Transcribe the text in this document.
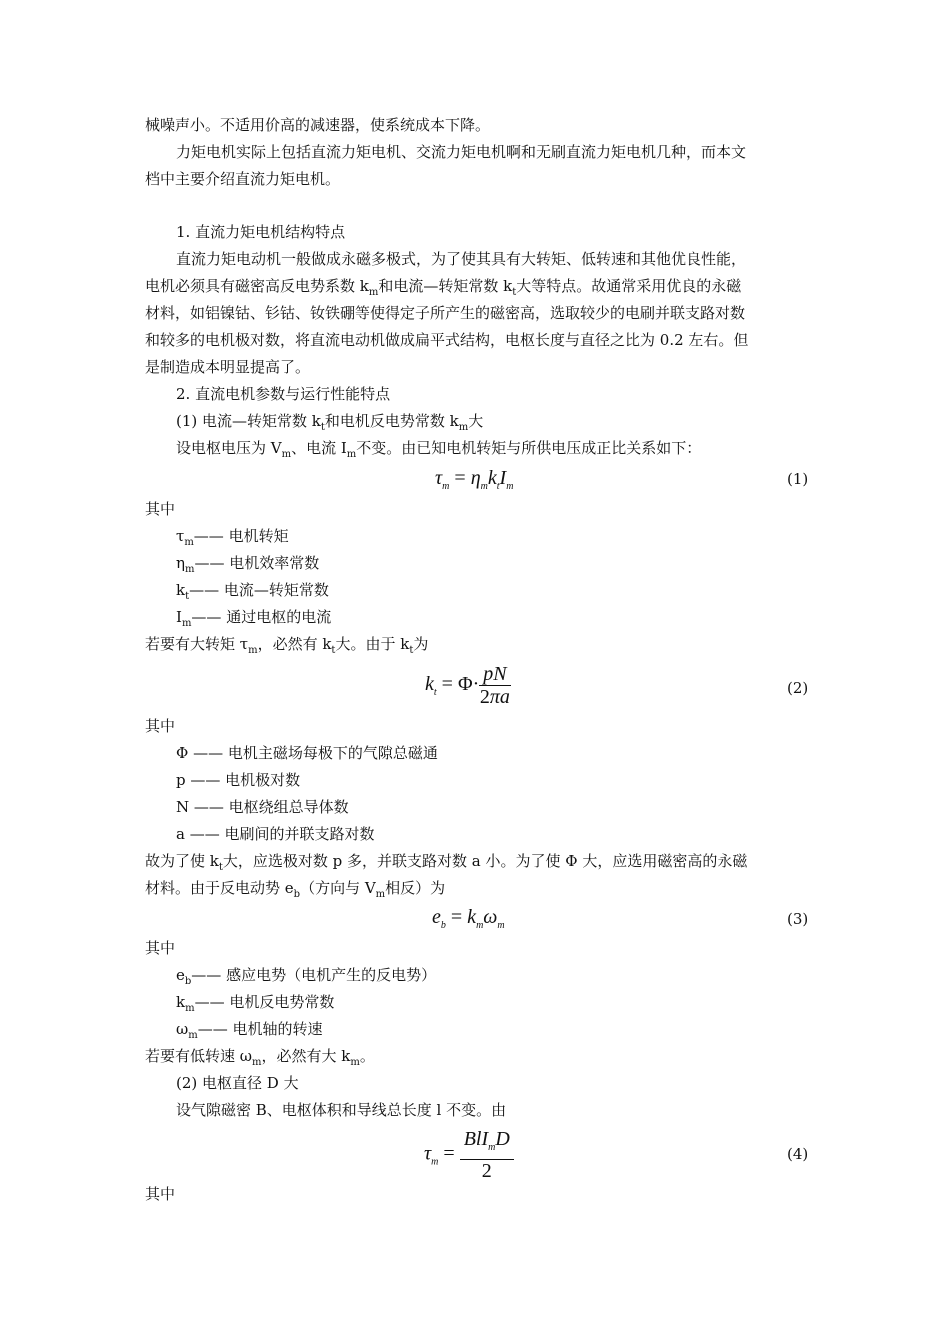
械噪声小。不适用价高的减速器，使系统成本下降。
力矩电机实际上包括直流力矩电机、交流力矩电机啊和无刷直流力矩电机几种，而本文
档中主要介绍直流力矩电机。
1. 直流力矩电机结构特点
直流力矩电动机一般做成永磁多极式，为了使其具有大转矩、低转速和其他优良性能，
电机必须具有磁密高反电势系数 $k_m$和电流—转矩常数 $k_t$大等特点。故通常采用优良的永磁
材料，如铝镍钴、钐钴、钕铁硼等使得定子所产生的磁密高，选取较少的电刷并联支路对数
和较多的电机极对数，将直流电动机做成扁平式结构，电枢长度与直径之比为 0.2 左右。但
是制造成本明显提高了。
2. 直流电机参数与运行性能特点
(1) 电流—转矩常数 $k_t$和电机反电势常数 $k_m$大
设电枢电压为 $V_m$、电流 $I_m$不变。由已知电机转矩与所供电压成正比关系如下：
$\tau_m = \eta_mk_tI_m$	(1)
其中
$\tau_m——$ 电机转矩
$\eta_m——$ 电机效率常数
$k_t——$ 电流—转矩常数
$I_m——$ 通过电枢的电流
若要有大转矩 $\tau_m$，必然有 $k_t$大。由于 $k_t$为
$k_t = \Phi\cdot \frac{pN}{2\pi a}$	(2)
其中
Φ —— 电机主磁场每极下的气隙总磁通
p —— 电机极对数
N —— 电枢绕组总导体数
a —— 电刷间的并联支路对数
故为了使 $k_t$大，应选极对数 p 多，并联支路对数 a 小。为了使 Φ 大，应选用磁密高的永磁
材料。由于反电动势 $e_b$（方向与 $V_m$相反）为
$e_b = k_m\omega_m$	(3)
其中
$e_b——$ 感应电势（电机产生的反电势）
$k_m——$ 电机反电势常数
$\omega_m——$ 电机轴的转速
若要有低转速 $\omega_m$，必然有大 $k_m$。
(2) 电枢直径 D 大
设气隙磁密 B、电枢体积和导线总长度 l 不变。由
$\tau_m = \frac{BlI_mD}{2}$	(4)
其中
